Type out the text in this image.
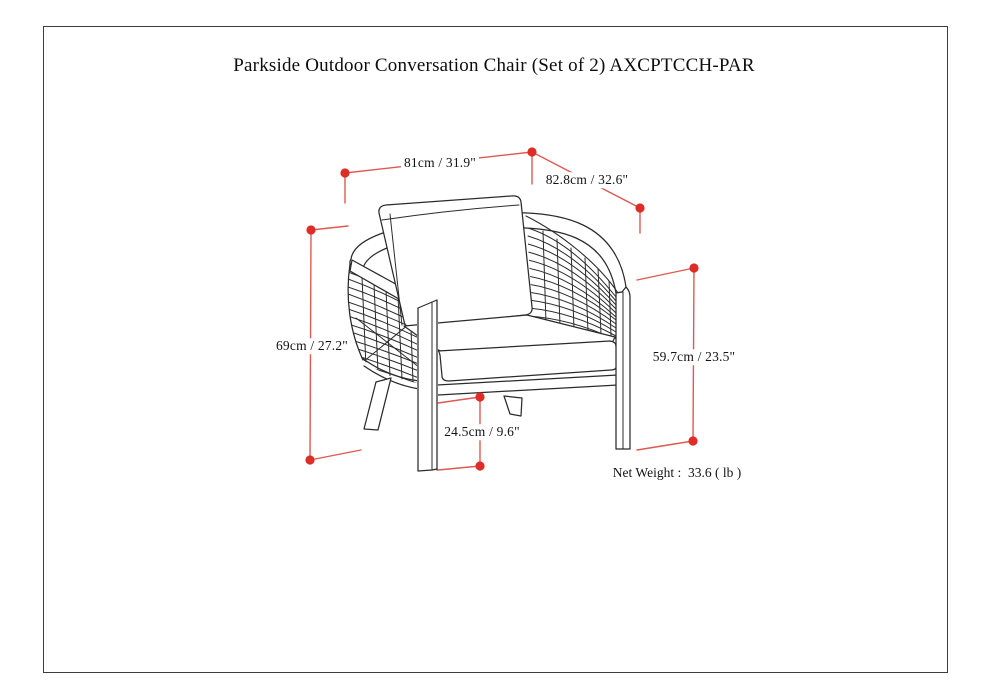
Parkside Outdoor Conversation Chair (Set of 2) AXCPTCCH-PAR
81cm / 31.9"
82.8cm / 32.6"
69cm / 27.2"
24.5cm / 9.6"
59.7cm / 23.5"
Net Weight :  33.6 ( lb )
